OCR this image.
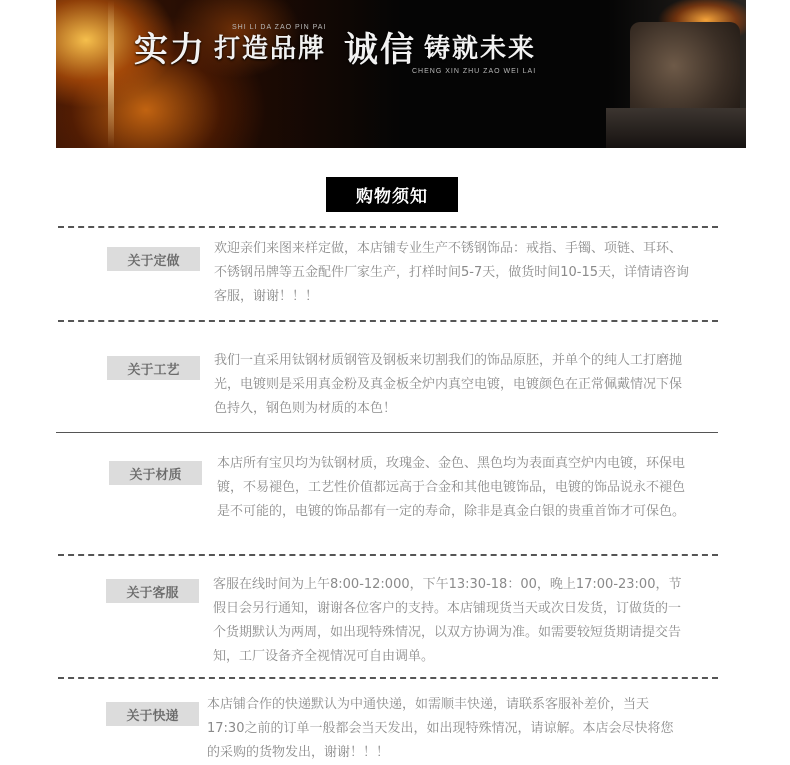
实力 打造品牌 诚信 铸就未来
SHI LI DA ZAO PIN PAI
CHENG XIN ZHU ZAO WEI LAI
购物须知
关于定做
欢迎亲们来图来样定做，本店铺专业生产不锈钢饰品：戒指、手镯、项链、耳环、不锈钢吊牌等五金配件厂家生产，打样时间5-7天，做货时间10-15天，详情请咨询客服，谢谢！！！
关于工艺
我们一直采用钛钢材质钢管及钢板来切割我们的饰品原胚，并单个的纯人工打磨抛光，电镀则是采用真金粉及真金板全炉内真空电镀，电镀颜色在正常佩戴情况下保色持久，钢色则为材质的本色！
关于材质
本店所有宝贝均为钛钢材质，玫瑰金、金色、黑色均为表面真空炉内电镀，环保电镀，不易褪色，工艺性价值都远高于合金和其他电镀饰品，电镀的饰品说永不褪色是不可能的，电镀的饰品都有一定的寿命，除非是真金白银的贵重首饰才可保色。
关于客服
客服在线时间为上午8:00-12:000，下午13:30-18：00，晚上17:00-23:00，节假日会另行通知，谢谢各位客户的支持。本店铺现货当天或次日发货，订做货的一个货期默认为两周，如出现特殊情况，以双方协调为准。如需要较短货期请提交告知，工厂设备齐全视情况可自由调单。
关于快递
本店铺合作的快递默认为中通快递，如需顺丰快递，请联系客服补差价，当天17:30之前的订单一般都会当天发出，如出现特殊情况，请谅解。本店会尽快将您的采购的货物发出，谢谢！！！
